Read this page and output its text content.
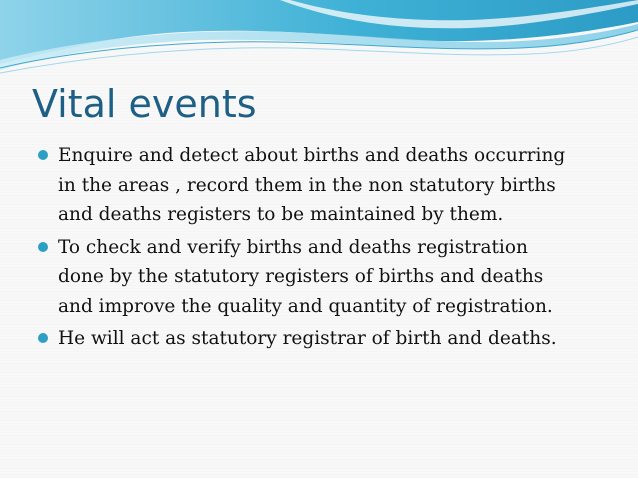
Vital events
Enquire and detect about births and deaths occurring
in the areas , record them in the non statutory births
and deaths registers to be maintained by them.
To check and verify births and deaths registration
done by the statutory registers of births and deaths
and improve the quality and quantity of registration.
He will act as statutory registrar of birth and deaths.
